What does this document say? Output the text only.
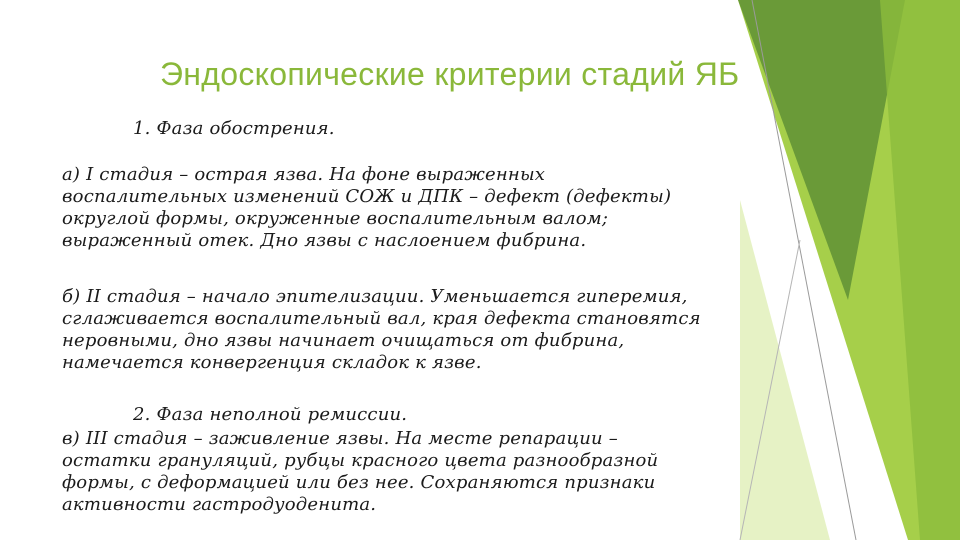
Эндоскопические критерии стадий ЯБ
1. Фаза обострения.
а) I стадия – острая язва. На фоне выраженных
воспалительных изменений СОЖ и ДПК – дефект (дефекты)
округлой формы, окруженные воспалительным валом;
выраженный отек. Дно язвы с наслоением фибрина.
б) II стадия – начало эпителизации. Уменьшается гиперемия,
сглаживается воспалительный вал, края дефекта становятся
неровными, дно язвы начинает очищаться от фибрина,
намечается конвергенция складок к язве.
2. Фаза неполной ремиссии.
в) III стадия – заживление язвы. На месте репарации –
остатки грануляций, рубцы красного цвета разнообразной
формы, с деформацией или без нее. Сохраняются признаки
активности гастродуоденита.
